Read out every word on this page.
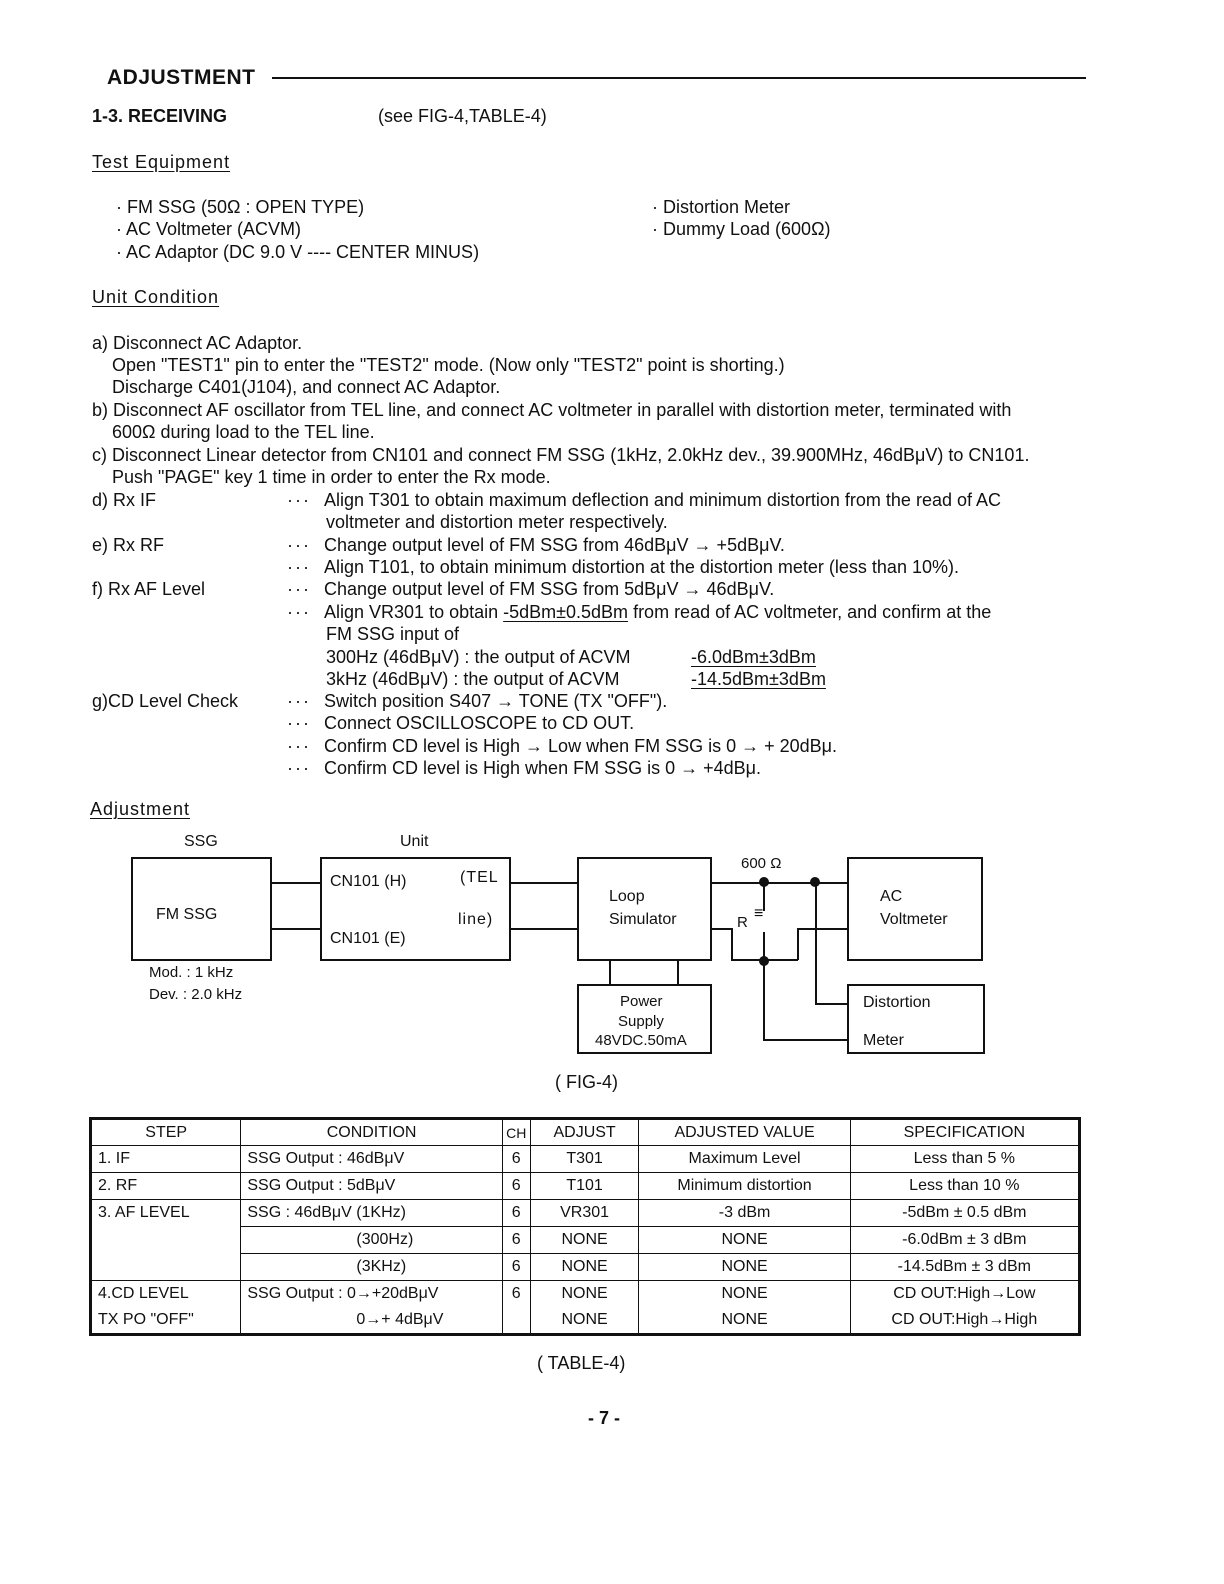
ADJUSTMENT
1-3. RECEIVING	(see FIG-4,TABLE-4)
Test Equipment
· FM SSG (50Ω : OPEN TYPE)
· AC Voltmeter (ACVM)
· AC Adaptor (DC 9.0 V ---- CENTER MINUS)
· Distortion Meter
· Dummy Load (600Ω)
Unit Condition
a) Disconnect AC Adaptor.
Open "TEST1" pin to enter the "TEST2" mode. (Now only "TEST2" point is shorting.)
Discharge C401(J104), and connect AC Adaptor.
b) Disconnect AF oscillator from TEL line, and connect AC voltmeter in parallel with distortion meter, terminated with
600Ω during load to the TEL line.
c) Disconnect Linear detector from CN101 and connect FM SSG (1kHz, 2.0kHz dev., 39.900MHz, 46dBμV) to CN101.
Push "PAGE" key 1 time in order to enter the Rx mode.
d) Rx IF	··· Align T301 to obtain maximum deflection and minimum distortion from the read of AC
voltmeter and distortion meter respectively.
e) Rx RF	··· Change output level of FM SSG from 46dBμV → +5dBμV.
··· Align T101, to obtain minimum distortion at the distortion meter (less than 10%).
f) Rx AF Level	··· Change output level of FM SSG from 5dBμV → 46dBμV.
··· Align VR301 to obtain -5dBm±0.5dBm from read of AC voltmeter, and confirm at the
FM SSG input of
300Hz (46dBμV) : the output of ACVM	-6.0dBm±3dBm
3kHz (46dBμV) : the output of ACVM	-14.5dBm±3dBm
g)CD Level Check	··· Switch position S407 → TONE (TX "OFF").
··· Connect OSCILLOSCOPE to CD OUT.
··· Confirm CD level is High → Low when FM SSG is 0 → + 20dBμ.
··· Confirm CD level is High when FM SSG is 0 → +4dBμ.
Adjustment
SSG	Unit
FM SSG
Mod. : 1 kHz
Dev. : 2.0 kHz
CN101 (H)
CN101 (E)
(TEL
line)
Loop
Simulator
Power
Supply
48VDC.50mA
600 Ω
R
≡
AC
Voltmeter
Distortion
Meter
( FIG-4)
STEP	CONDITION	CH	ADJUST	ADJUSTED VALUE	SPECIFICATION
1. IF	SSG Output : 46dBμV	6	T301	Maximum Level	Less than 5 %
2. RF	SSG Output : 5dBμV	6	T101	Minimum distortion	Less than 10 %
3. AF LEVEL	SSG : 46dBμV (1KHz)	6	VR301	-3 dBm	-5dBm ± 0.5 dBm
	(300Hz)	6	NONE	NONE	-6.0dBm ± 3 dBm
	(3KHz)	6	NONE	NONE	-14.5dBm ± 3 dBm
4.CD LEVEL	SSG Output : 0→+20dBμV	6	NONE	NONE	CD OUT:High→Low
TX PO "OFF"	0→+ 4dBμV		NONE	NONE	CD OUT:High→High
( TABLE-4)
- 7 -
